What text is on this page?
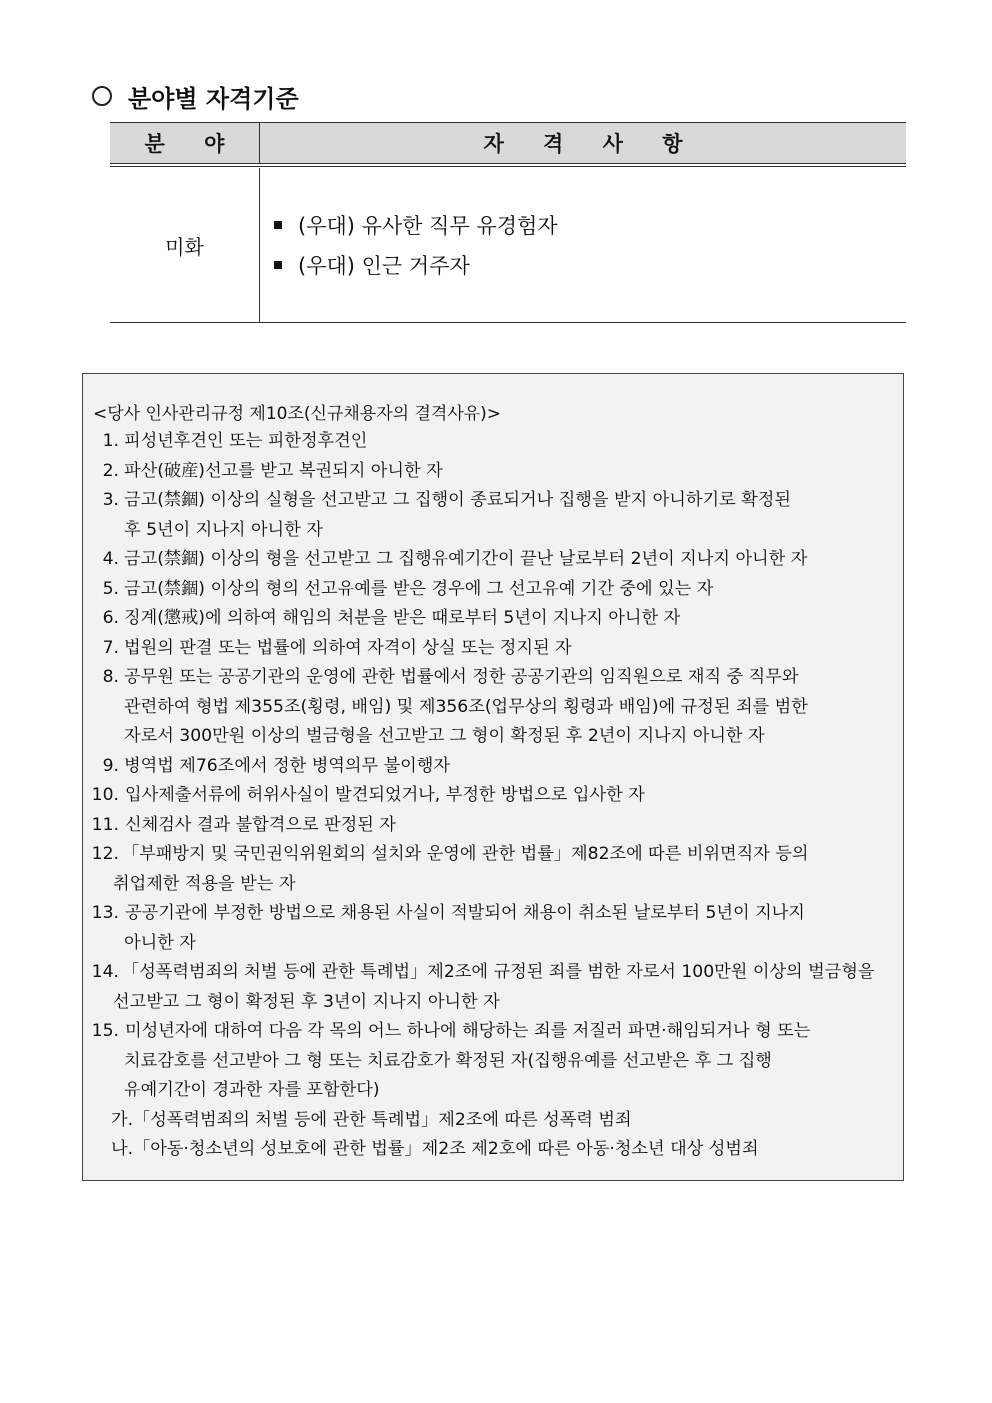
분야별 자격기준
분 야	자 격 사 항
미화
(우대) 유사한 직무 유경험자
(우대) 인근 거주자
<당사 인사관리규정 제10조(신규채용자의 결격사유)>
1. 피성년후견인 또는 피한정후견인
2. 파산(破産)선고를 받고 복권되지 아니한 자
3. 금고(禁錮) 이상의 실형을 선고받고 그 집행이 종료되거나 집행을 받지 아니하기로 확정된
후 5년이 지나지 아니한 자
4. 금고(禁錮) 이상의 형을 선고받고 그 집행유예기간이 끝난 날로부터 2년이 지나지 아니한 자
5. 금고(禁錮) 이상의 형의 선고유예를 받은 경우에 그 선고유예 기간 중에 있는 자
6. 징계(懲戒)에 의하여 해임의 처분을 받은 때로부터 5년이 지나지 아니한 자
7. 법원의 판결 또는 법률에 의하여 자격이 상실 또는 정지된 자
8. 공무원 또는 공공기관의 운영에 관한 법률에서 정한 공공기관의 임직원으로 재직 중 직무와
관련하여 형법 제355조(횡령, 배임) 및 제356조(업무상의 횡령과 배임)에 규정된 죄를 범한
자로서 300만원 이상의 벌금형을 선고받고 그 형이 확정된 후 2년이 지나지 아니한 자
9. 병역법 제76조에서 정한 병역의무 불이행자
10. 입사제출서류에 허위사실이 발견되었거나, 부정한 방법으로 입사한 자
11. 신체검사 결과 불합격으로 판정된 자
12. 「부패방지 및 국민권익위원회의 설치와 운영에 관한 법률」제82조에 따른 비위면직자 등의
취업제한 적용을 받는 자
13. 공공기관에 부정한 방법으로 채용된 사실이 적발되어 채용이 취소된 날로부터 5년이 지나지
아니한 자
14. 「성폭력범죄의 처벌 등에 관한 특례법」제2조에 규정된 죄를 범한 자로서 100만원 이상의 벌금형을
선고받고 그 형이 확정된 후 3년이 지나지 아니한 자
15. 미성년자에 대하여 다음 각 목의 어느 하나에 해당하는 죄를 저질러 파면·해임되거나 형 또는
치료감호를 선고받아 그 형 또는 치료감호가 확정된 자(집행유예를 선고받은 후 그 집행
유예기간이 경과한 자를 포함한다)
가. 「성폭력범죄의 처벌 등에 관한 특례법」제2조에 따른 성폭력 범죄
나. 「아동·청소년의 성보호에 관한 법률」제2조 제2호에 따른 아동·청소년 대상 성범죄
